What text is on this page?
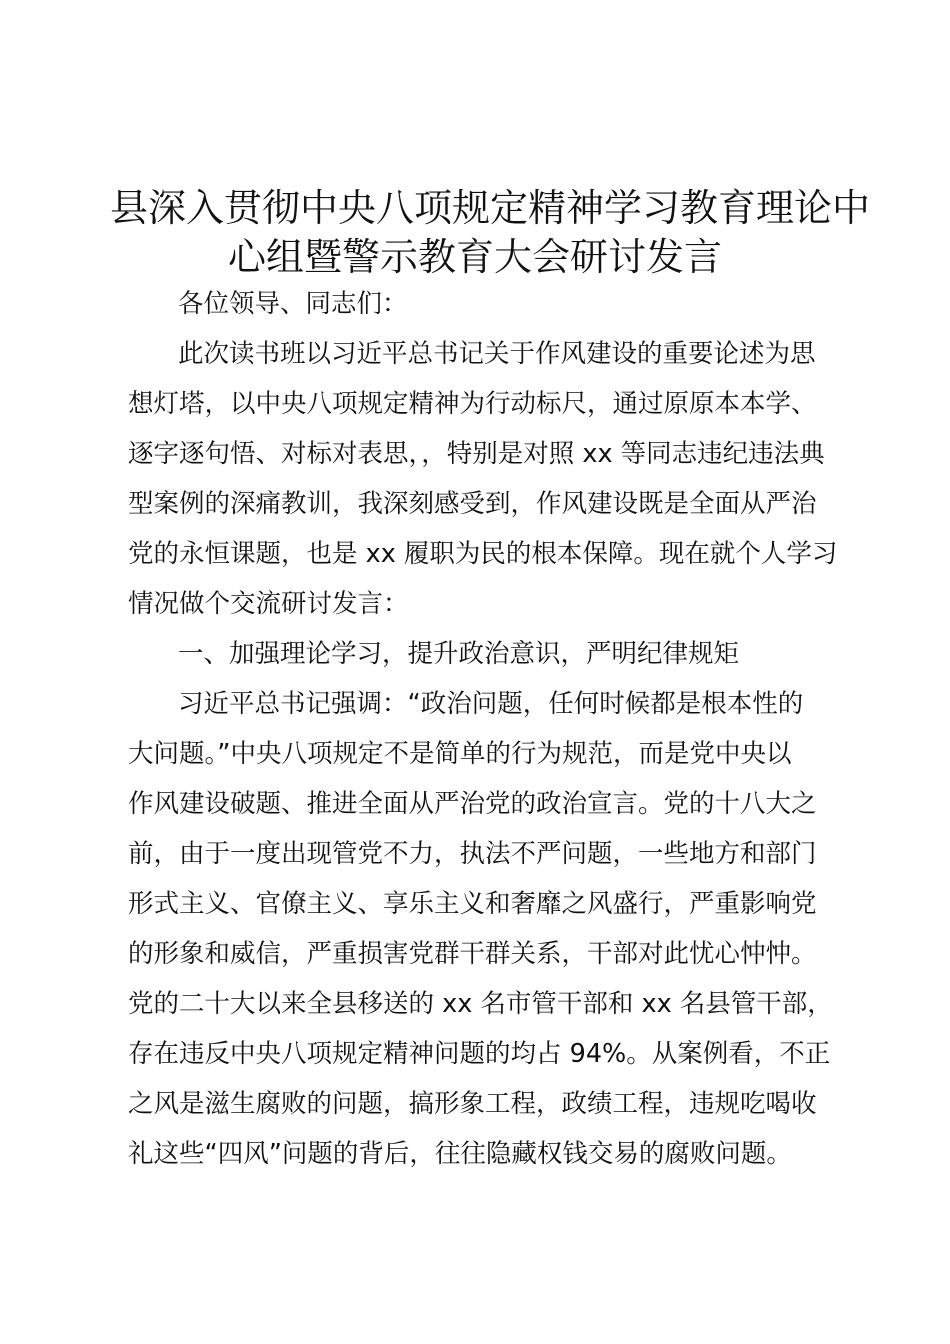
县深入贯彻中央八项规定精神学习教育理论中
心组暨警示教育大会研讨发言
各位领导、同志们：
此次读书班以习近平总书记关于作风建设的重要论述为思
想灯塔，以中央八项规定精神为行动标尺，通过原原本本学、
逐字逐句悟、对标对表思，，特别是对照 xx 等同志违纪违法典
型案例的深痛教训，我深刻感受到，作风建设既是全面从严治
党的永恒课题，也是 xx 履职为民的根本保障。现在就个人学习
情况做个交流研讨发言：
一、加强理论学习，提升政治意识，严明纪律规矩
习近平总书记强调：“政治问题，任何时候都是根本性的
大问题。”中央八项规定不是简单的行为规范，而是党中央以
作风建设破题、推进全面从严治党的政治宣言。党的十八大之
前，由于一度出现管党不力，执法不严问题，一些地方和部门
形式主义、官僚主义、享乐主义和奢靡之风盛行，严重影响党
的形象和威信，严重损害党群干群关系，干部对此忧心忡忡。
党的二十大以来全县移送的 xx 名市管干部和 xx 名县管干部，
存在违反中央八项规定精神问题的均占 94%。从案例看，不正
之风是滋生腐败的问题，搞形象工程，政绩工程，违规吃喝收
礼这些“四风”问题的背后，往往隐藏权钱交易的腐败问题。
